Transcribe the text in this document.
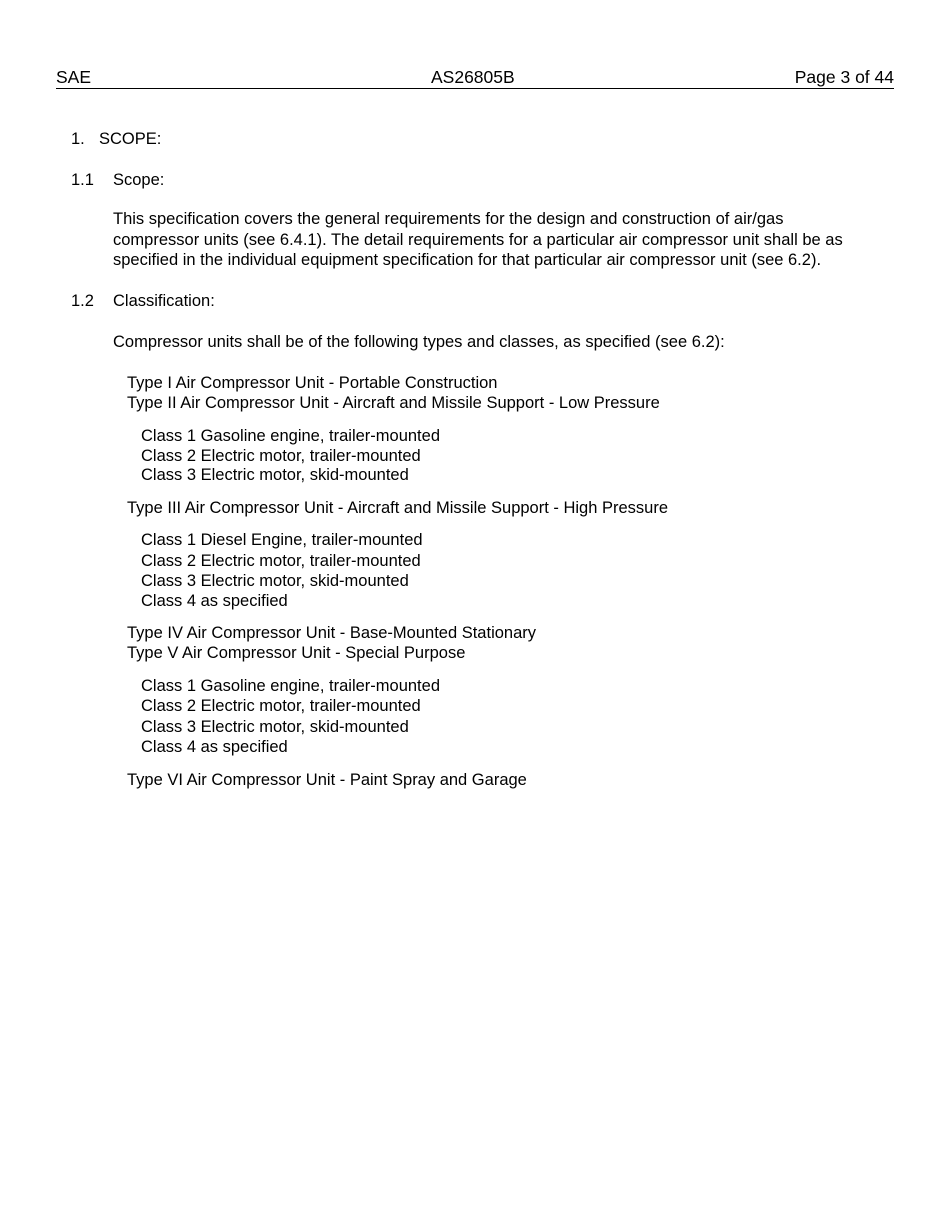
SAE	AS26805B	Page 3 of 44
1. SCOPE:
1.1 Scope:
This specification covers the general requirements for the design and construction of air/gas
compressor units (see 6.4.1). The detail requirements for a particular air compressor unit shall be as
specified in the individual equipment specification for that particular air compressor unit (see 6.2).
1.2 Classification:
Compressor units shall be of the following types and classes, as specified (see 6.2):
Type I Air Compressor Unit - Portable Construction
Type II Air Compressor Unit - Aircraft and Missile Support - Low Pressure
Class 1 Gasoline engine, trailer-mounted
Class 2 Electric motor, trailer-mounted
Class 3 Electric motor, skid-mounted
Type III Air Compressor Unit - Aircraft and Missile Support - High Pressure
Class 1 Diesel Engine, trailer-mounted
Class 2 Electric motor, trailer-mounted
Class 3 Electric motor, skid-mounted
Class 4 as specified
Type IV Air Compressor Unit - Base-Mounted Stationary
Type V Air Compressor Unit - Special Purpose
Class 1 Gasoline engine, trailer-mounted
Class 2 Electric motor, trailer-mounted
Class 3 Electric motor, skid-mounted
Class 4 as specified
Type VI Air Compressor Unit - Paint Spray and Garage
